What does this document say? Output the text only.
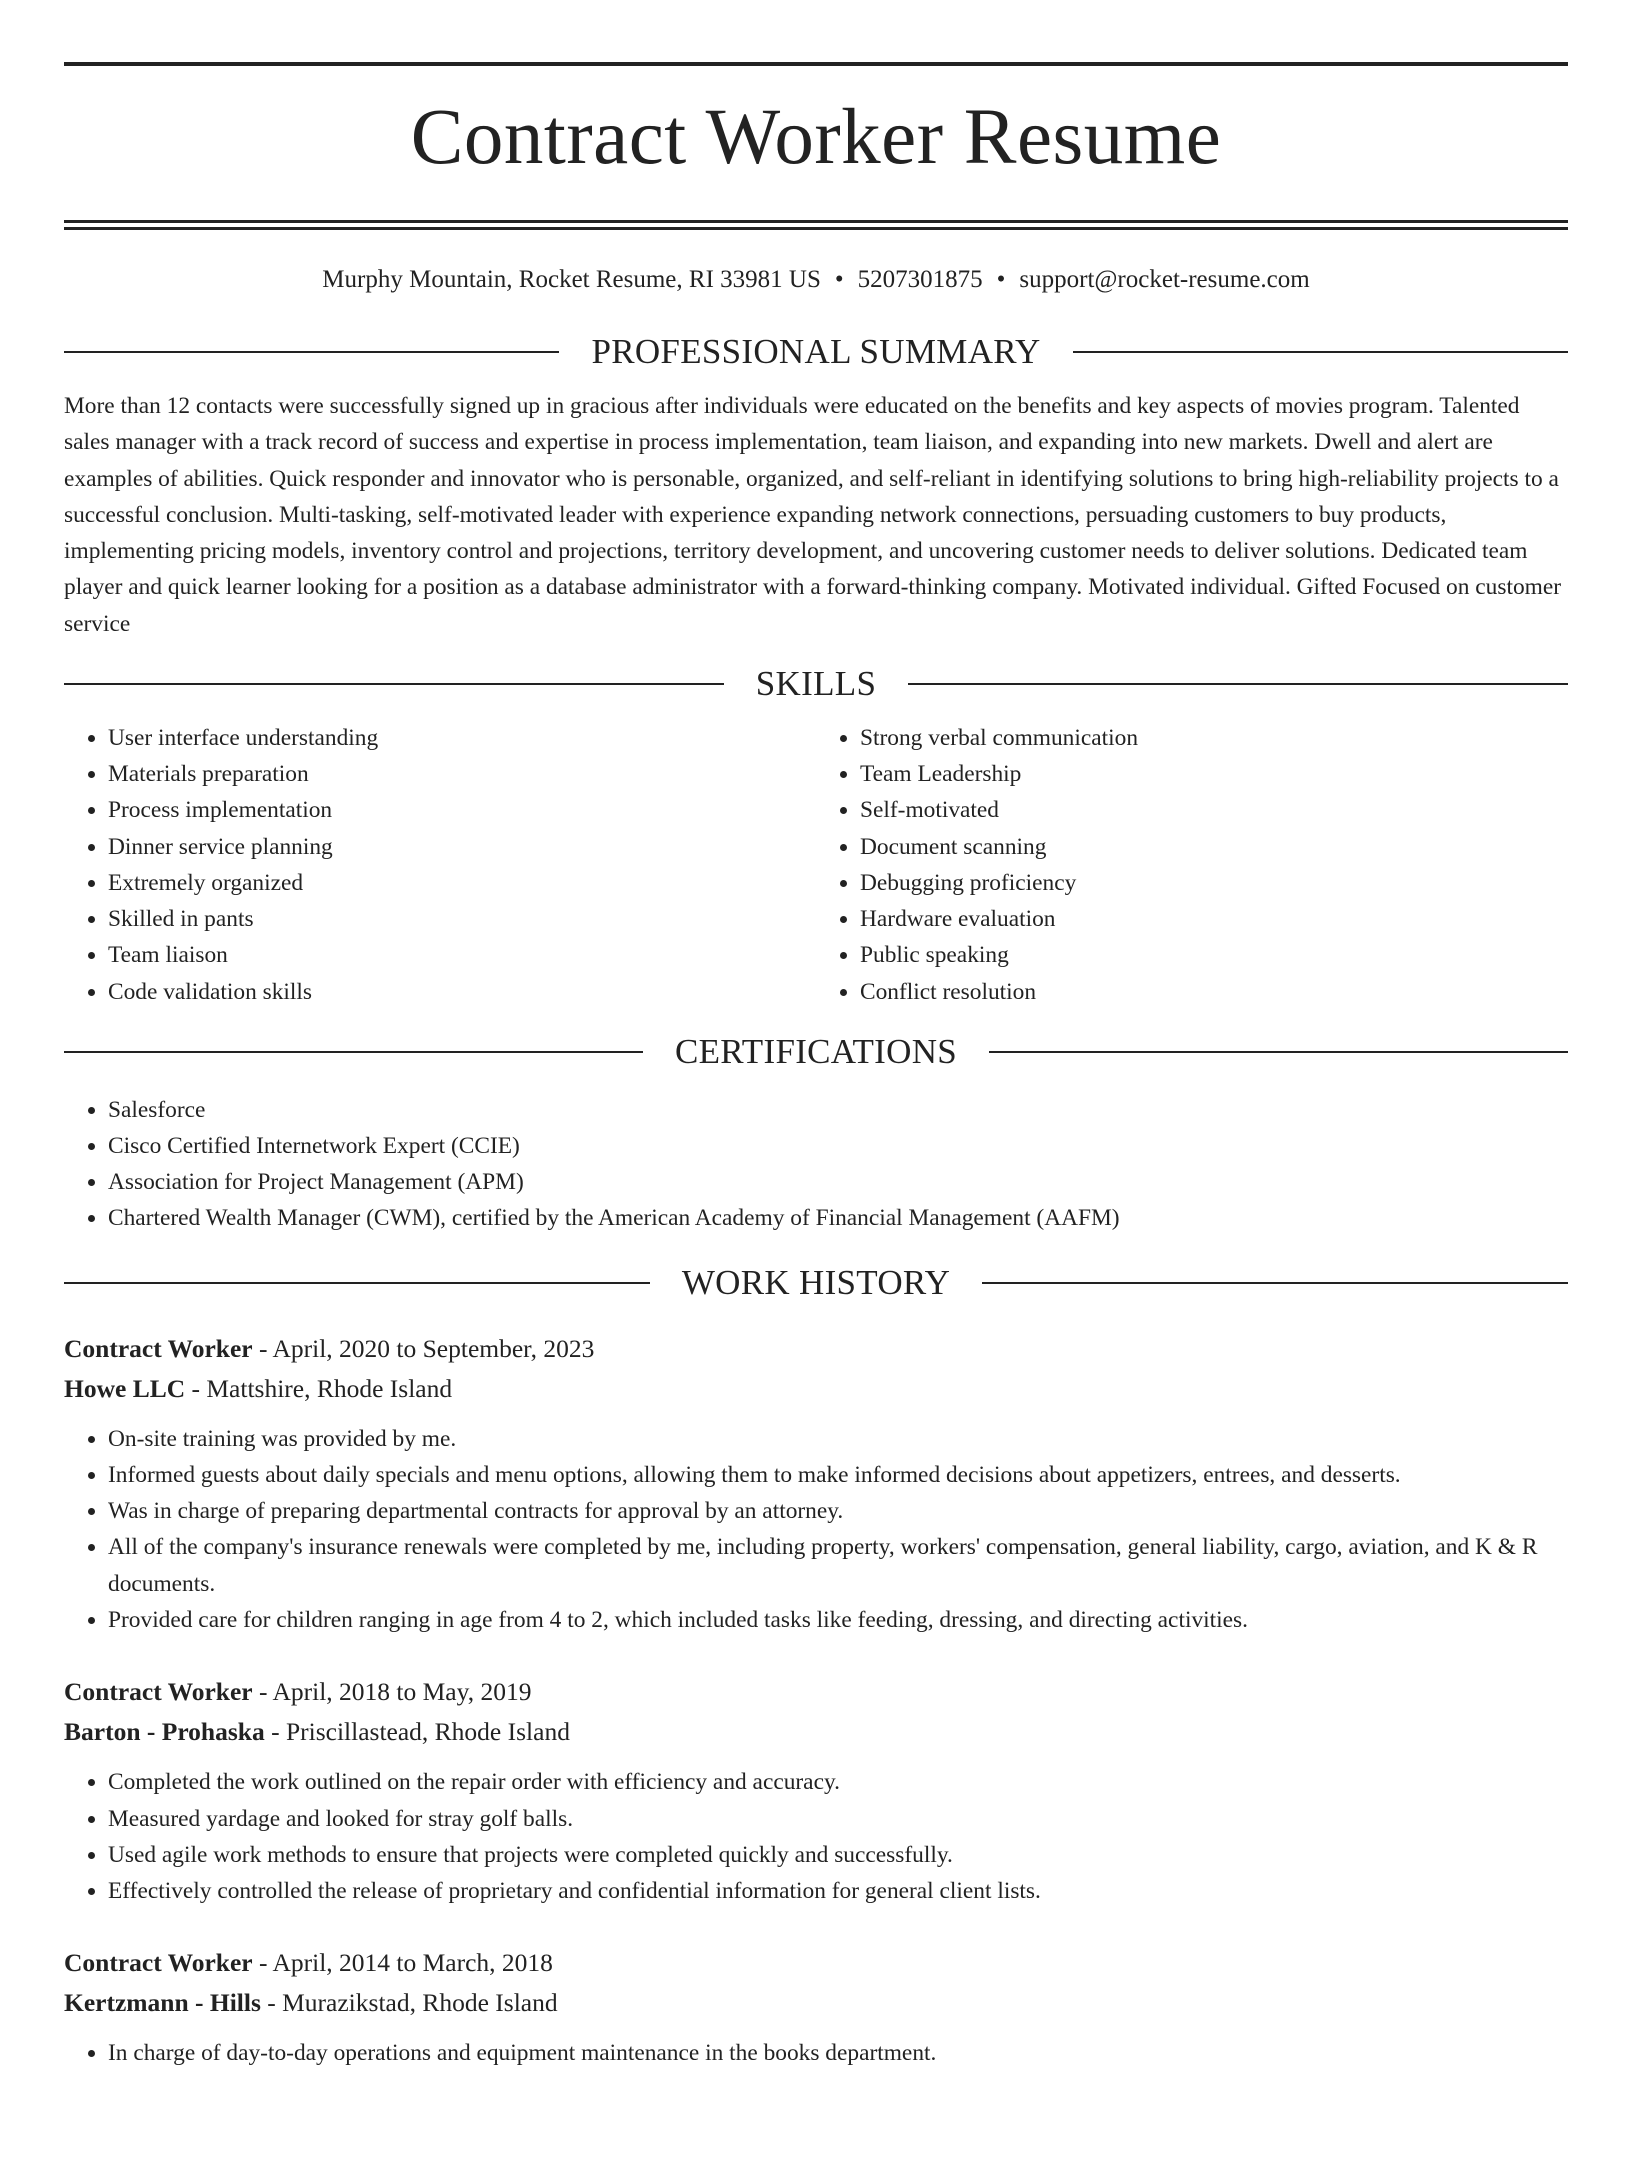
Contract Worker Resume
Murphy Mountain, Rocket Resume, RI 33981 US • 5207301875 • support@rocket-resume.com
PROFESSIONAL SUMMARY

More than 12 contacts were successfully signed up in gracious after individuals were educated on the benefits and key aspects of movies program. Talented sales manager with a track record of success and expertise in process implementation, team liaison, and expanding into new markets. Dwell and alert are examples of abilities. Quick responder and innovator who is personable, organized, and self-reliant in identifying solutions to bring high-reliability projects to a successful conclusion. Multi-tasking, self-motivated leader with experience expanding network connections, persuading customers to buy products, implementing pricing models, inventory control and projections, territory development, and uncovering customer needs to deliver solutions. Dedicated team player and quick learner looking for a position as a database administrator with a forward-thinking company. Motivated individual. Gifted Focused on customer service

SKILLS
• User interface understanding
• Materials preparation
• Process implementation
• Dinner service planning
• Extremely organized
• Skilled in pants
• Team liaison
• Code validation skills
• Strong verbal communication
• Team Leadership
• Self-motivated
• Document scanning
• Debugging proficiency
• Hardware evaluation
• Public speaking
• Conflict resolution
CERTIFICATIONS
• Salesforce
• Cisco Certified Internetwork Expert (CCIE)
• Association for Project Management (APM)
• Chartered Wealth Manager (CWM), certified by the American Academy of Financial Management (AAFM)
WORK HISTORY
Contract Worker - April, 2020 to September, 2023
Howe LLC - Mattshire, Rhode Island
• On-site training was provided by me.
• Informed guests about daily specials and menu options, allowing them to make informed decisions about appetizers, entrees, and desserts.
• Was in charge of preparing departmental contracts for approval by an attorney.
• All of the company's insurance renewals were completed by me, including property, workers' compensation, general liability, cargo, aviation, and K & R documents.
• Provided care for children ranging in age from 4 to 2, which included tasks like feeding, dressing, and directing activities.
Contract Worker - April, 2018 to May, 2019
Barton - Prohaska - Priscillastead, Rhode Island
• Completed the work outlined on the repair order with efficiency and accuracy.
• Measured yardage and looked for stray golf balls.
• Used agile work methods to ensure that projects were completed quickly and successfully.
• Effectively controlled the release of proprietary and confidential information for general client lists.
Contract Worker - April, 2014 to March, 2018
Kertzmann - Hills - Murazikstad, Rhode Island
• In charge of day-to-day operations and equipment maintenance in the books department.
